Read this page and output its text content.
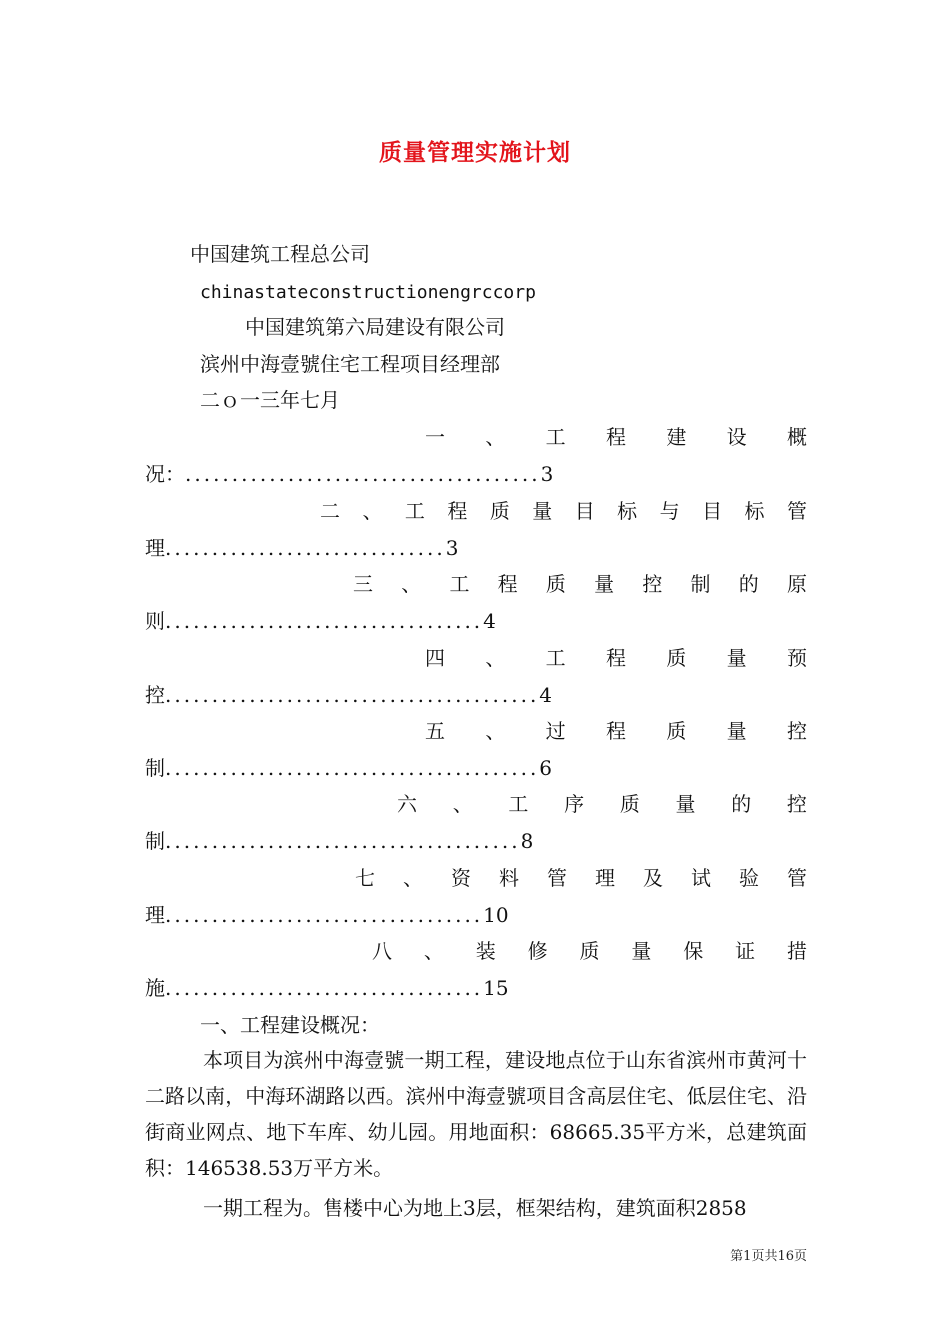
质量管理实施计划
中国建筑工程总公司
chinastateconstructionengrccorp
中国建筑第六局建设有限公司
滨州中海壹號住宅工程项目经理部
二ｏ一三年七月
一 、 工 程 建 设 概
况：......................................3
二 、 工 程 质 量 目 标 与 目 标 管
理..............................3
三 、 工 程 质 量 控 制 的 原
则..................................4
四 、 工 程 质 量 预
控........................................4
五 、 过 程 质 量 控
制........................................6
六 、 工 序 质 量 的 控
制......................................8
七 、 资 料 管 理 及 试 验 管
理..................................10
八 、 装 修 质 量 保 证 措
施..................................15
一、工程建设概况：
本项目为滨州中海壹號一期工程，建设地点位于山东省滨州市黄河十二路以南，中海环湖路以西。滨州中海壹號项目含高层住宅、低层住宅、沿街商业网点、地下车库、幼儿园。用地面积：68665.35平方米，总建筑面积：146538.53万平方米。
一期工程为。售楼中心为地上3层，框架结构，建筑面积2858
第1页共16页
